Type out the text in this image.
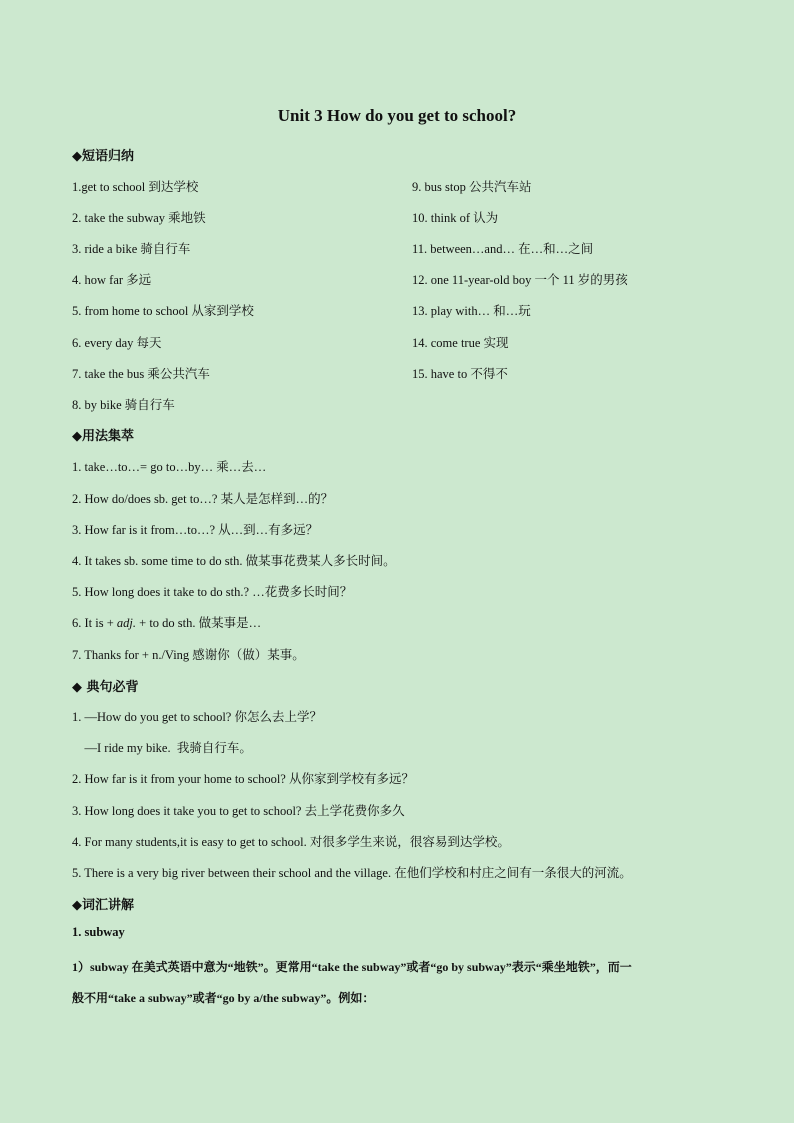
Unit 3 How do you get to school?
◆短语归纳
1.get to school 到达学校
2. take the subway 乘地铁
3. ride a bike 骑自行车
4. how far 多远
5. from home to school 从家到学校
6. every day 每天
7. take the bus 乘公共汽车
8. by bike 骑自行车
9. bus stop 公共汽车站
10. think of 认为
11. between…and… 在…和…之间
12. one 11-year-old boy 一个 11 岁的男孩
13. play with… 和…玩
14. come true 实现
15. have to 不得不
◆用法集萃
1. take…to…= go to…by… 乘…去…
2. How do/does sb. get to…? 某人是怎样到…的？
3. How far is it from…to…? 从…到…有多远？
4. It takes sb. some time to do sth. 做某事花费某人多长时间。
5. How long does it take to do sth.? …花费多长时间？
6. It is + adj. + to do sth. 做某事是…
7. Thanks for + n./Ving 感谢你（做）某事。
◆ 典句必背
1. —How do you get to school? 你怎么去上学？
—I ride my bike.  我骑自行车。
2. How far is it from your home to school? 从你家到学校有多远？
3. How long does it take you to get to school? 去上学花费你多久
4. For many students,it is easy to get to school. 对很多学生来说，很容易到达学校。
5. There is a very big river between their school and the village. 在他们学校和村庄之间有一条很大的河流。
◆词汇讲解
1. subway
1）subway 在美式英语中意为“地铁”。更常用“take the subway”或者“go by subway”表示“乘坐地铁”，而一
般不用“take a subway”或者“go by a/the subway”。例如：
